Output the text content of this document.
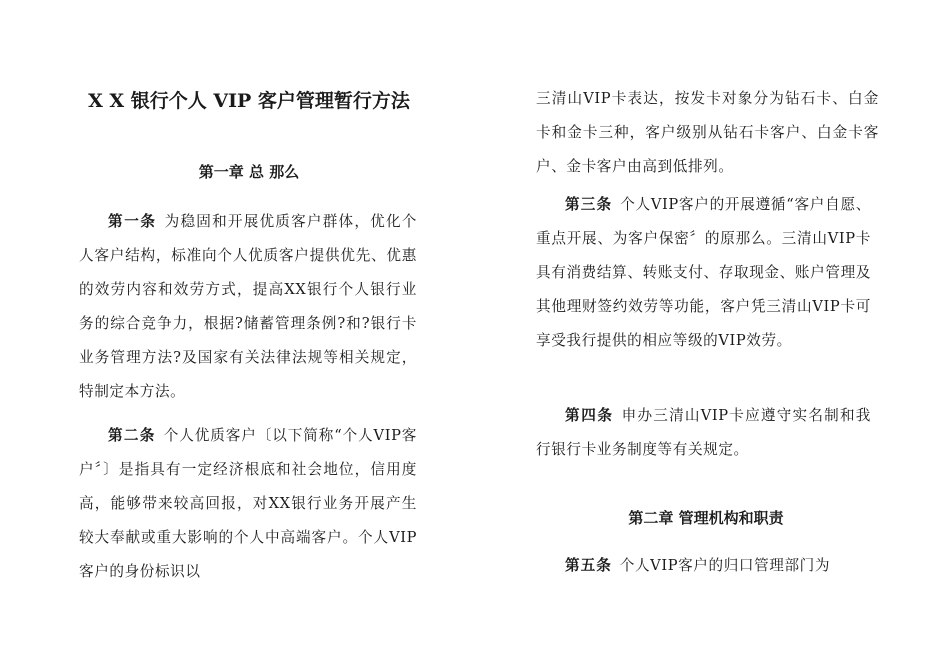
X X 银行个人 VIP 客户管理暂行方法
第一章 总 那么

第一条 为稳固和开展优质客户群体，优化个人客户结构，标准向个人优质客户提供优先、优惠的效劳内容和效劳方式，提高XX银行个人银行业务的综合竞争力，根据?储蓄管理条例?和?银行卡业务管理方法?及国家有关法律法规等相关规定，特制定本方法。

第二条 个人优质客户〔以下简称“个人VIP客户〞〕是指具有一定经济根底和社会地位，信用度高，能够带来较高回报，对XX银行业务开展产生较大奉献或重大影响的个人中高端客户。个人VIP客户的身份标识以

三清山VIP卡表达，按发卡对象分为钻石卡、白金卡和金卡三种，客户级别从钻石卡客户、白金卡客户、金卡客户由高到低排列。

第三条 个人VIP客户的开展遵循“客户自愿、重点开展、为客户保密〞的原那么。三清山VIP卡具有消费结算、转账支付、存取现金、账户管理及其他理财签约效劳等功能，客户凭三清山VIP卡可享受我行提供的相应等级的VIP效劳。

第四条 申办三清山VIP卡应遵守实名制和我行银行卡业务制度等有关规定。

第二章 管理机构和职责

第五条 个人VIP客户的归口管理部门为
